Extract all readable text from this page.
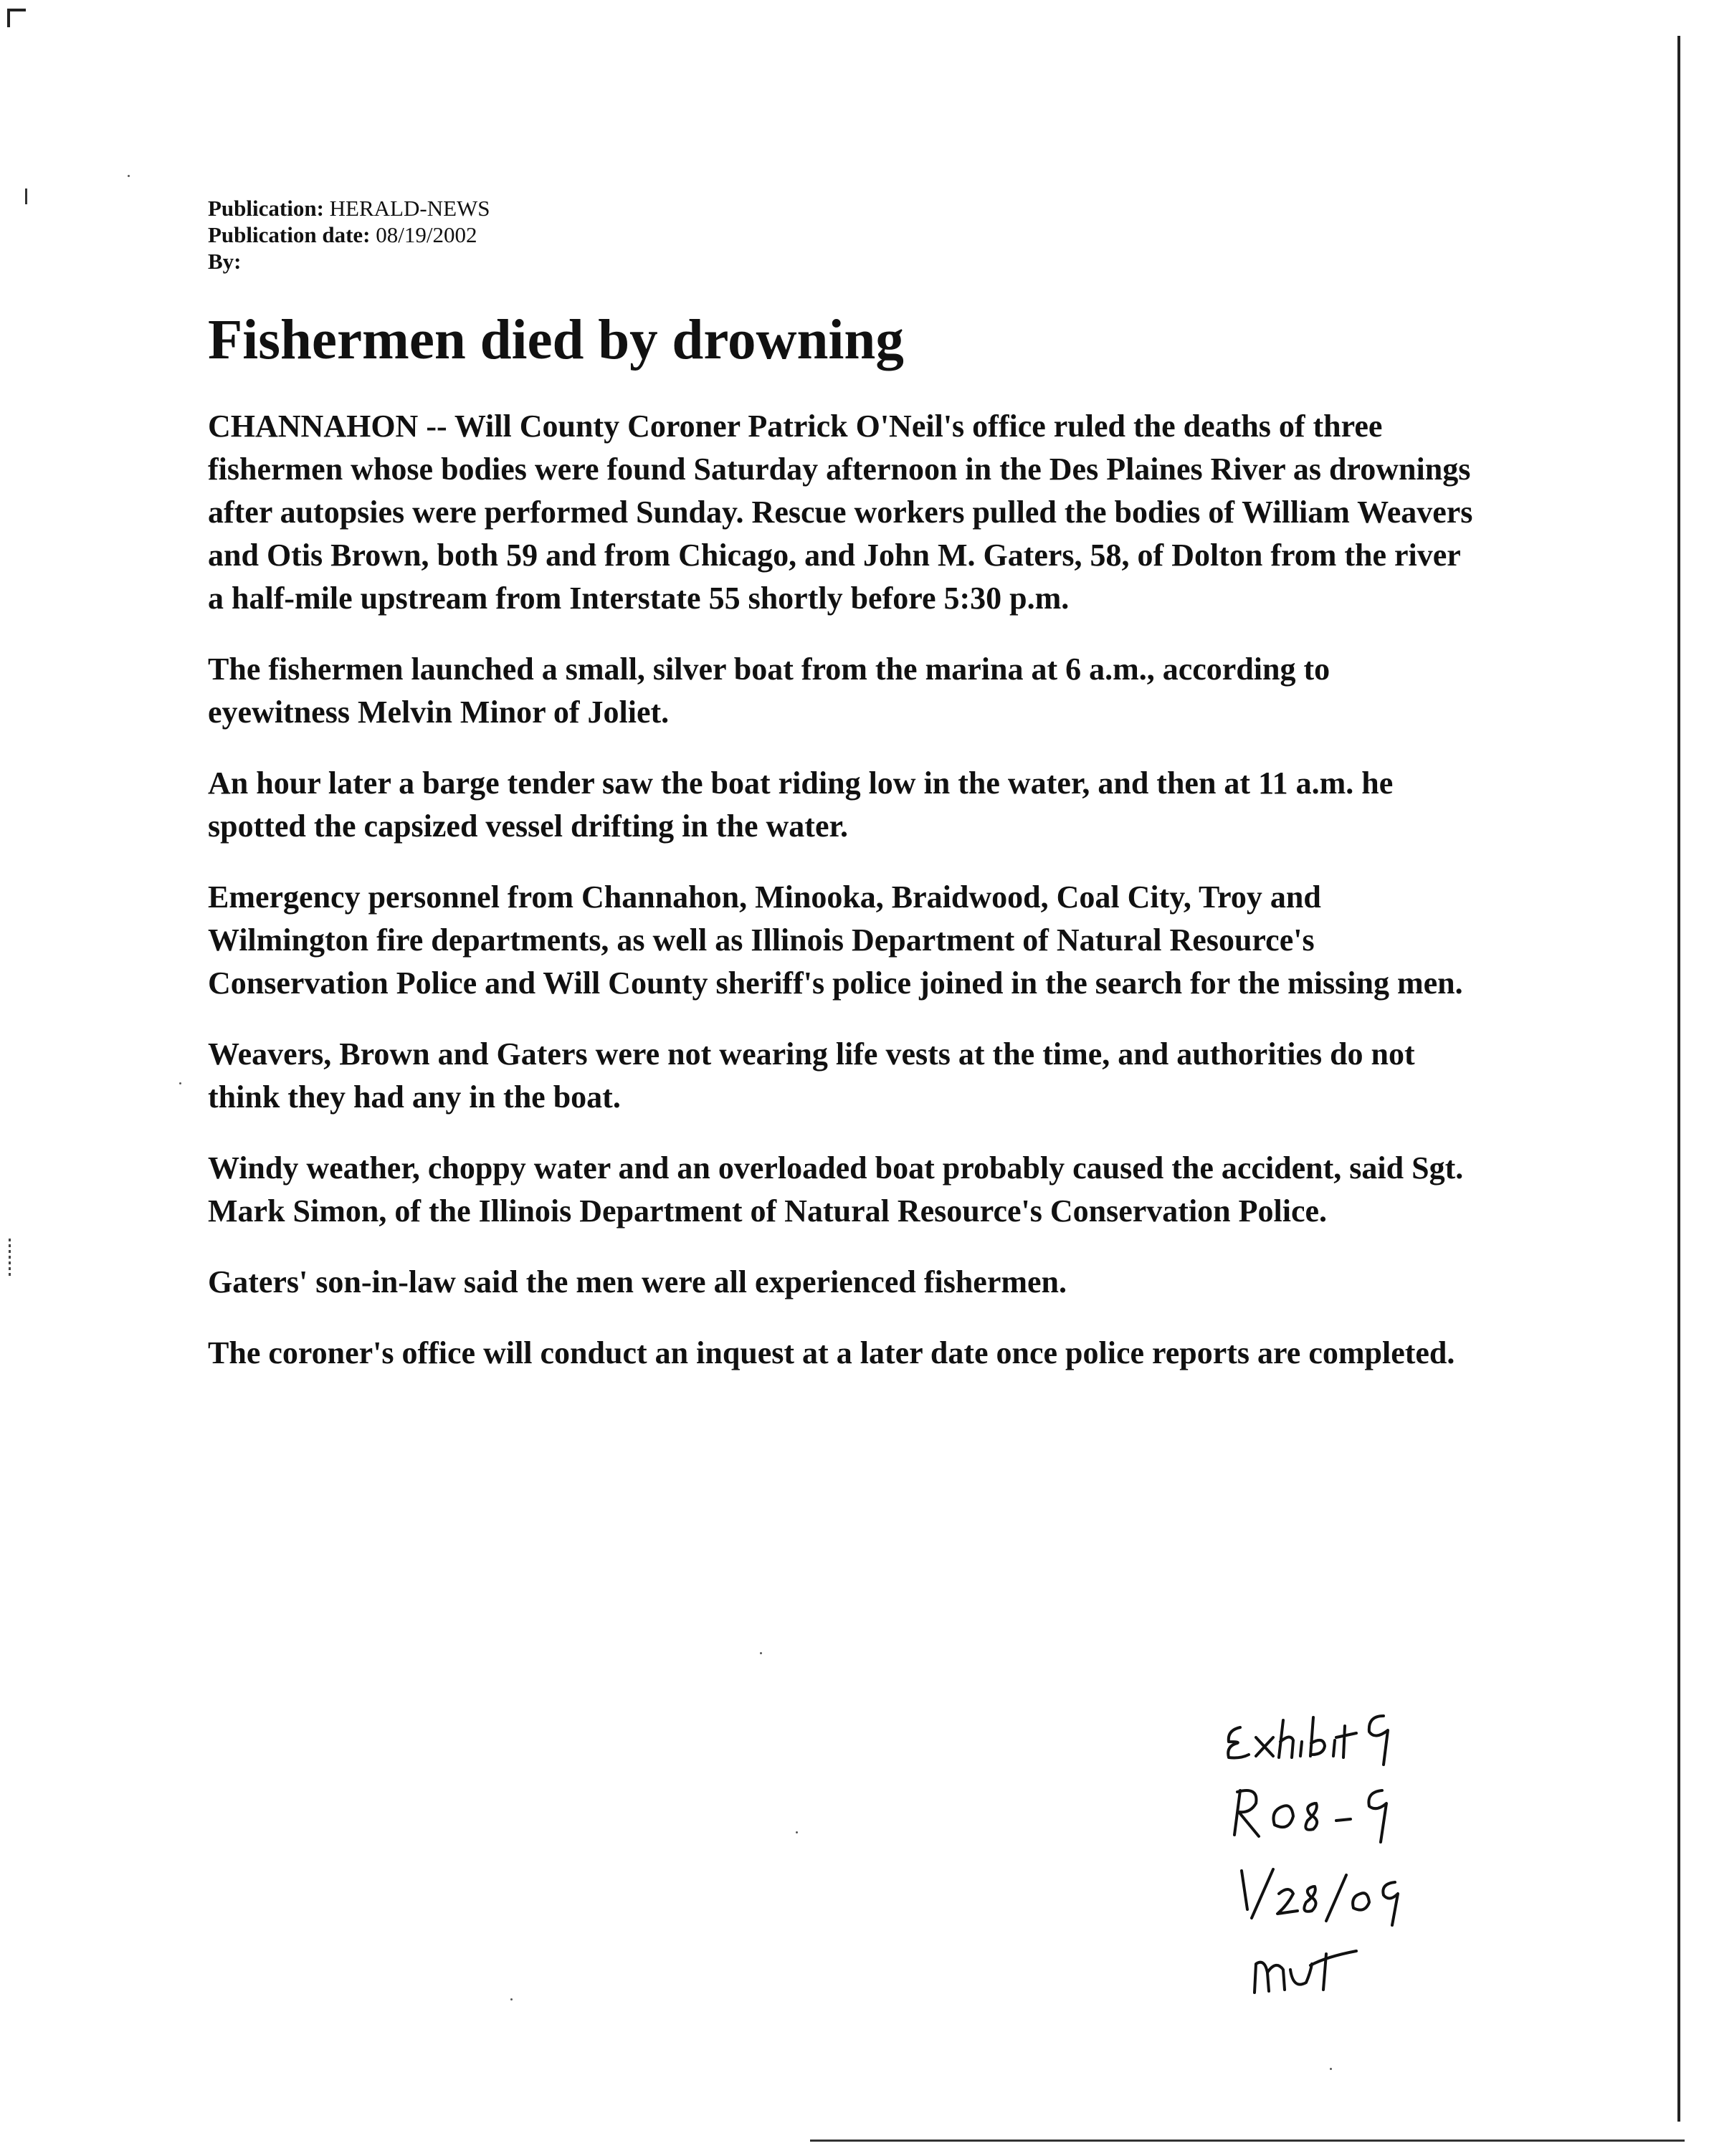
Publication: HERALD-NEWS
Publication date: 08/19/2002
By:
Fishermen died by drowning

CHANNAHON -- Will County Coroner Patrick O'Neil's office ruled the deaths of three fishermen whose bodies were found Saturday afternoon in the Des Plaines River as drownings after autopsies were performed Sunday. Rescue workers pulled the bodies of William Weavers and Otis Brown, both 59 and from Chicago, and John M. Gaters, 58, of Dolton from the river a half-mile upstream from Interstate 55 shortly before 5:30 p.m.

The fishermen launched a small, silver boat from the marina at 6 a.m., according to eyewitness Melvin Minor of Joliet.

An hour later a barge tender saw the boat riding low in the water, and then at 11 a.m. he spotted the capsized vessel drifting in the water.

Emergency personnel from Channahon, Minooka, Braidwood, Coal City, Troy and Wilmington fire departments, as well as Illinois Department of Natural Resource's Conservation Police and Will County sheriff's police joined in the search for the missing men.

Weavers, Brown and Gaters were not wearing life vests at the time, and authorities do not think they had any in the boat.

Windy weather, choppy water and an overloaded boat probably caused the accident, said Sgt. Mark Simon, of the Illinois Department of Natural Resource's Conservation Police.

Gaters' son-in-law said the men were all experienced fishermen.

The coroner's office will conduct an inquest at a later date once police reports are completed.
